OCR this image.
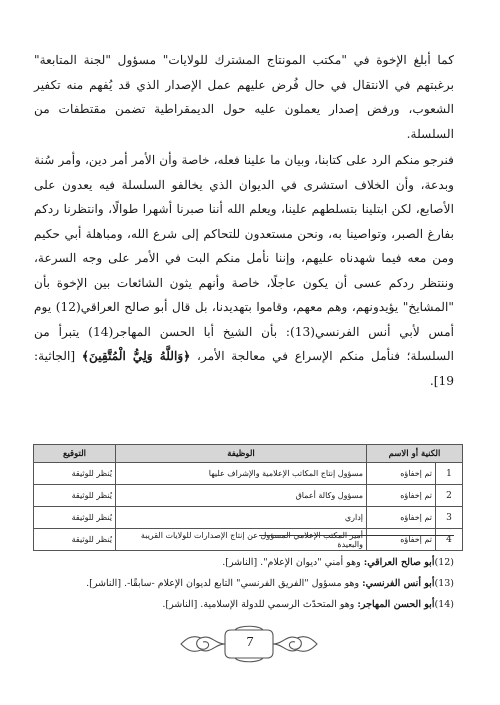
كما أبلغ الإخوة في "مكتب المونتاج المشترك للولايات" مسؤول "لجنة المتابعة" برغبتهم في الانتقال في حال فُرض عليهم عمل الإصدار الذي قد يُفهم منه تكفير الشعوب، ورفض إصدار يعملون عليه حول الديمقراطية تضمن مقتطفات من السلسلة.

فنرجو منكم الرد على كتابنا، وبيان ما علينا فعله، خاصة وأن الأمر أمر دين، وأمر سُنة وبدعة، وأن الخلاف استشرى في الديوان الذي يخالفو السلسلة فيه يعدون على الأصابع، لكن ابتلينا بتسلطهم علينا، ويعلم الله أننا صبرنا أشهرا طوالًا، وانتظرنا ردكم بفارغ الصبر، وتواصينا به، ونحن مستعدون للتحاكم إلى شرع الله، ومباهلة أبي حكيم ومن معه فيما شهدناه عليهم، وإننا نأمل منكم البت في الأمر على وجه السرعة، وننتظر ردكم عسى أن يكون عاجلًا، خاصة وأنهم يثون الشائعات بين الإخوة بأن "المشايخ" يؤيدونهم، وهم معهم، وقاموا بتهديدنا، بل قال أبو صالح العراقي(12) يوم أمس لأبي أنس الفرنسي(13): بأن الشيخ أبا الحسن المهاجر(14) يتبرأ من السلسلة؛ فنأمل منكم الإسراع في معالجة الأمر، ﴿وَاللَّهُ وَلِيُّ الْمُتَّقِينَ﴾ [الجاثية: 19].

الكنية أو الاسم		الوظيفة	التوقيع
1	تم إخفاؤه	مسؤول إنتاج المكاتب الإعلامية والإشراف عليها	يُنظر للوثيقة
2	تم إخفاؤه	مسؤول وكالة أعماق	يُنظر للوثيقة
3	تم إخفاؤه	إداري	يُنظر للوثيقة
4	تم إخفاؤه	أمير المكتب الإعلامي المسؤول عن إنتاج الإصدارات للولايات القريبة والبعيدة	يُنظر للوثيقة

(12)أبو صالح العراقي: وهو أمني "ديوان الإعلام". [الناشر].

(13)أبو أنس الفرنسي: وهو مسؤول "الفريق الفرنسي" التابع لديوان الإعلام -سابقًا-. [الناشر].

(14)أبو الحسن المهاجر: وهو المتحدّث الرسمي للدولة الإسلامية. [الناشر].

7
